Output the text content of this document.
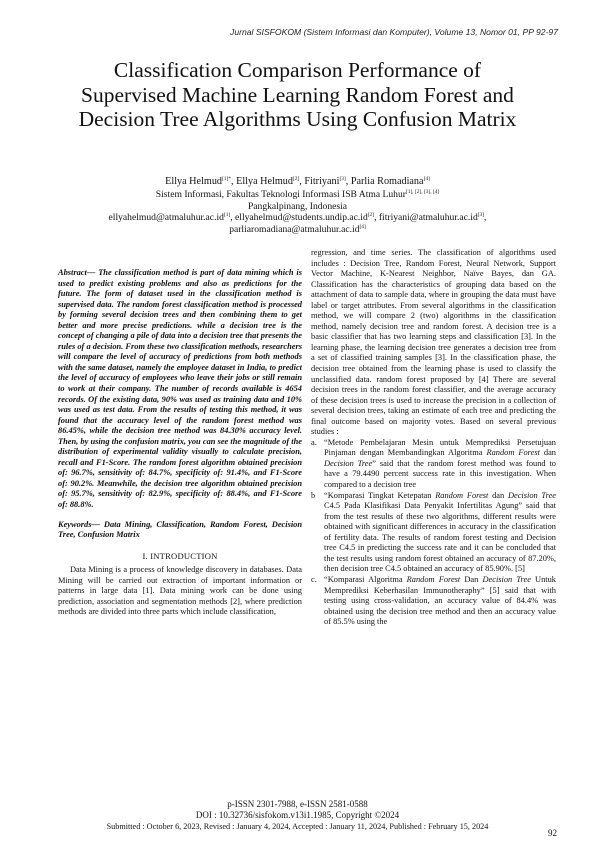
Jurnal SISFOKOM (Sistem Informasi dan Komputer), Volume 13, Nomor 01, PP 92-97
Classification Comparison Performance of
Supervised Machine Learning Random Forest and
Decision Tree Algorithms Using Confusion Matrix
Ellya Helmud$^{[1]*}$, Ellya Helmud[2], Fitriyani[3], Parlia Romadiana[4]
Sistem Informasi, Fakultas Teknologi Informasi ISB Atma Luhur[1], [2], [3], [4]
Pangkalpinang, Indonesia
ellyahelmud@atmaluhur.ac.id[1], ellyahelmud@students.undip.ac.id[2], fitriyani@atmaluhur.ac.id[3],
parliaromadiana@atmaluhur.ac.id[4]

Abstract— The classification method is part of data mining which is used to predict existing problems and also as predictions for the future. The form of dataset used in the classification method is supervised data. The random forest classification method is processed by forming several decision trees and then combining them to get better and more precise predictions. while a decision tree is the concept of changing a pile of data into a decision tree that presents the rules of a decision. From these two classification methods, researchers will compare the level of accuracy of predictions from both methods with the same dataset, namely the employee dataset in India, to predict the level of accuracy of employees who leave their jobs or still remain to work at their company. The number of records available is 4654 records. Of the existing data, 90% was used as training data and 10% was used as test data. From the results of testing this method, it was found that the accuracy level of the random forest method was 86.45%, while the decision tree method was 84.30% accuracy level. Then, by using the confusion matrix, you can see the magnitude of the distribution of experimental validity visually to calculate precision, recall and F1-Score. The random forest algorithm obtained precision of: 96.7%, sensitivity of: 84.7%, specificity of: 91.4%, and F1-Score of: 90.2%. Meanwhile, the decision tree algorithm obtained precision of: 95.7%, sensitivity of: 82.9%, specificity of: 88.4%, and F1-Score of: 88.8%.

Keywords— Data Mining, Classification, Random Forest, Decision Tree, Confusion Matrix

I. INTRODUCTION

Data Mining is a process of knowledge discovery in databases. Data Mining will be carried out extraction of important information or patterns in large data [1]. Data mining work can be done using prediction, association and segmentation methods [2], where prediction methods are divided into three parts which include classification,

regression, and time series. The classification of algorithms used includes : Decision Tree, Random Forest, Neural Network, Support Vector Machine, K-Nearest Neighbor, Naïve Bayes, dan GA. Classification has the characteristics of grouping data based on the attachment of data to sample data, where in grouping the data must have label or target attributes. From several algorithms in the classification method, we will compare 2 (two) algorithms in the classification method, namely decision tree and random forest. A decision tree is a basic classifier that has two learning steps and classification [3]. In the learning phase, the learning decision tree generates a decision tree from a set of classified training samples [3]. In the classification phase, the decision tree obtained from the learning phase is used to classify the unclassified data. random forest proposed by [4] There are several decision trees in the random forest classifier, and the average accuracy of these decision trees is used to increase the precision in a collection of several decision trees, taking an estimate of each tree and predicting the final outcome based on majority votes. Based on several previous studies :

a. “Metode Pembelajaran Mesin untuk Memprediksi Persetujuan Pinjaman dengan Membandingkan Algoritma Random Forest dan Decision Tree” said that the random forest method was found to have a 79.4490 percent success rate in this investigation. When compared to a decision tree
b “Komparasi Tingkat Ketepatan Random Forest dan Decision Tree C4.5 Pada Klasifikasi Data Penyakit Infertilitas Agung” said that from the test results of these two algorithms, different results were obtained with significant differences in accuracy in the classification of fertility data. The results of random forest testing and Decision tree C4.5 in predicting the success rate and it can be concluded that the test results using random forest obtained an accuracy of 87.20%, then decision tree C4.5 obtained an accuracy of 85.90%. [5]
c. “Komparasi Algoritma Random Forest Dan Decision Tree Untuk Memprediksi Keberhasilan Immunotheraphy” [5] said that with testing using cross-validation, an accuracy value of 84.4% was obtained using the decision tree method and then an accuracy value of 85.5% using the
p-ISSN 2301-7988, e-ISSN 2581-0588
DOI : 10.32736/sisfokom.v13i1.1985, Copyright ©2024
Submitted : October 6, 2023, Revised : January 4, 2024, Accepted : January 11, 2024, Published : February 15, 2024
92
